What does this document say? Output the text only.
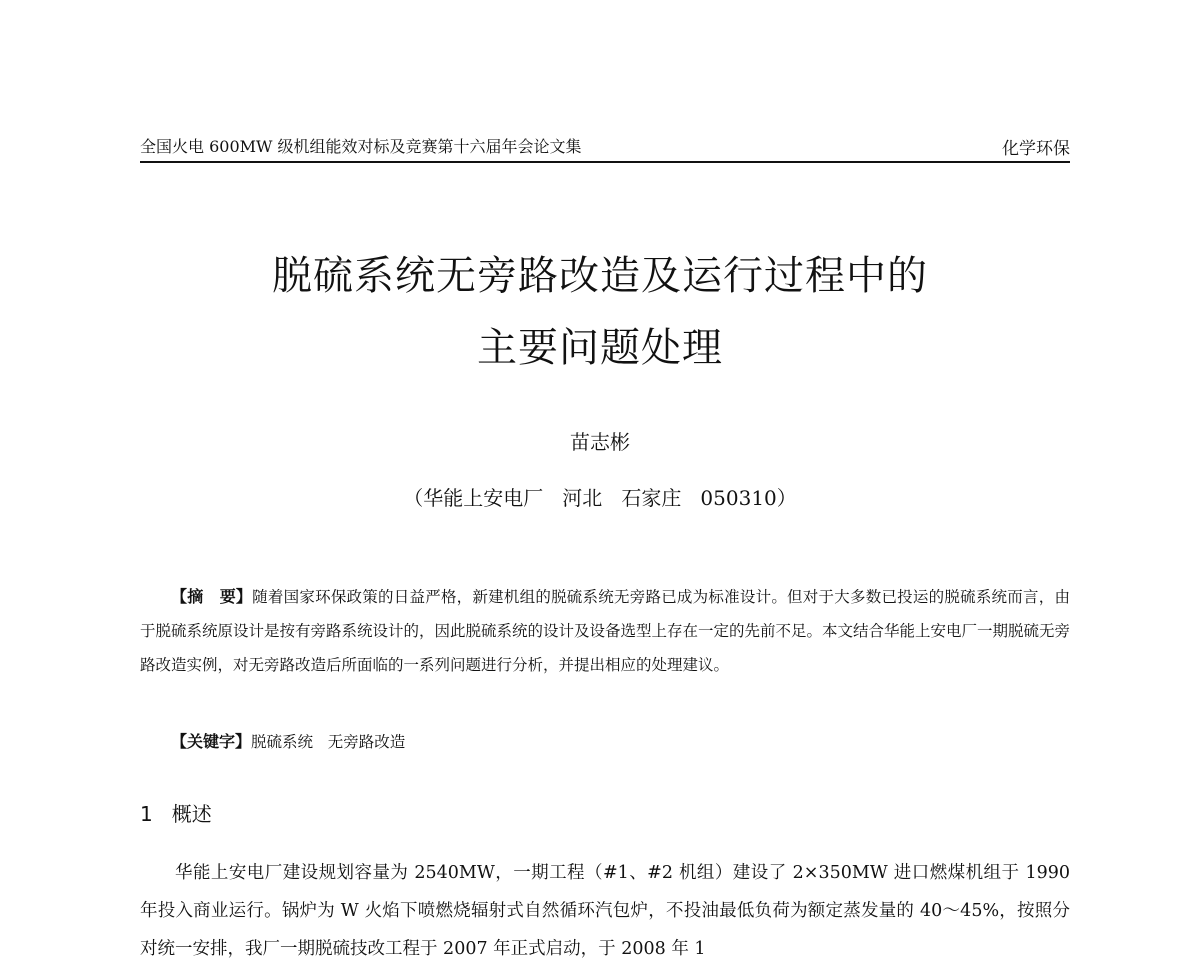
全国火电 600MW 级机组能效对标及竞赛第十六届年会论文集	化学环保
脱硫系统无旁路改造及运行过程中的
主要问题处理
苗志彬
（华能上安电厂   河北   石家庄   050310）
【摘　要】随着国家环保政策的日益严格，新建机组的脱硫系统无旁路已成为标准设计。但对于大多数已投运的脱硫系统而言，由于脱硫系统原设计是按有旁路系统设计的，因此脱硫系统的设计及设备选型上存在一定的先前不足。本文结合华能上安电厂一期脱硫无旁路改造实例，对无旁路改造后所面临的一系列问题进行分析，并提出相应的处理建议。
【关键字】脱硫系统   无旁路改造
1   概述
华能上安电厂建设规划容量为 2540MW，一期工程（#1、#2 机组）建设了 2×350MW 进口燃煤机组于 1990 年投入商业运行。锅炉为 W 火焰下喷燃烧辐射式自然循环汽包炉，不投油最低负荷为额定蒸发量的 40～45%，按照分对统一安排，我厂一期脱硫技改工程于 2007 年正式启动，于 2008 年 1
